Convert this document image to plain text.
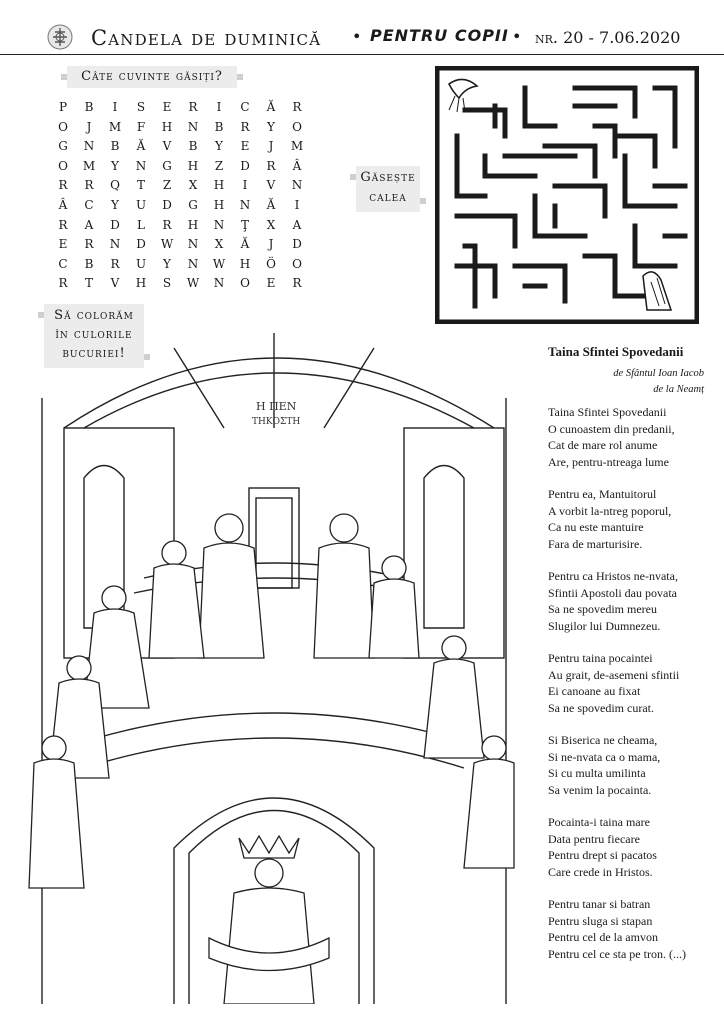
Candela de duminică • PENTRU COPII • nr. 20 - 7.06.2020
Câte cuvinte găsiți?
P	B	I	S	E	R	I	C	Ă	R
O	J	M	F	H	N	B	R	Y	O
G	N	B	Ă	V	B	Y	E	J	M
O	M	Y	N	G	H	Z	D	R	Â
R	R	Q	T	Z	X	H	I	V	N
Â	C	Y	U	D	G	H	N	Ă	I
R	A	D	L	R	H	N	Ţ	X	A
E	R	N	D	W	N	X	Ă	J	D
C	B	R	U	Y	N	W	H	Ö	O
R	T	V	H	S	W	N	O	E	R
Găsește
calea
Să colorăm
în culorile
bucuriei!
Η ΠΕΝ
ΤΗΚΟΣΤΗ
Taina Sfintei Spovedanii
de Sfântul Ioan Iacob
de la Neamț
Taina Sfintei Spovedanii
O cunoastem din predanii,
Cat de mare rol anume
Are, pentru-ntreaga lume
Pentru ea, Mantuitorul
A vorbit la-ntreg poporul,
Ca nu este mantuire
Fara de marturisire.
Pentru ca Hristos ne-nvata,
Sfintii Apostoli dau povata
Sa ne spovedim mereu
Slugilor lui Dumnezeu.
Pentru taina pocaintei
Au grait, de-asemeni sfintii
Ei canoane au fixat
Sa ne spovedim curat.
Si Biserica ne cheama,
Si ne-nvata ca o mama,
Si cu multa umilinta
Sa venim la pocainta.
Pocainta-i taina mare
Data pentru fiecare
Pentru drept si pacatos
Care crede in Hristos.
Pentru tanar si batran
Pentru sluga si stapan
Pentru cel de la amvon
Pentru cel ce sta pe tron. (...)
